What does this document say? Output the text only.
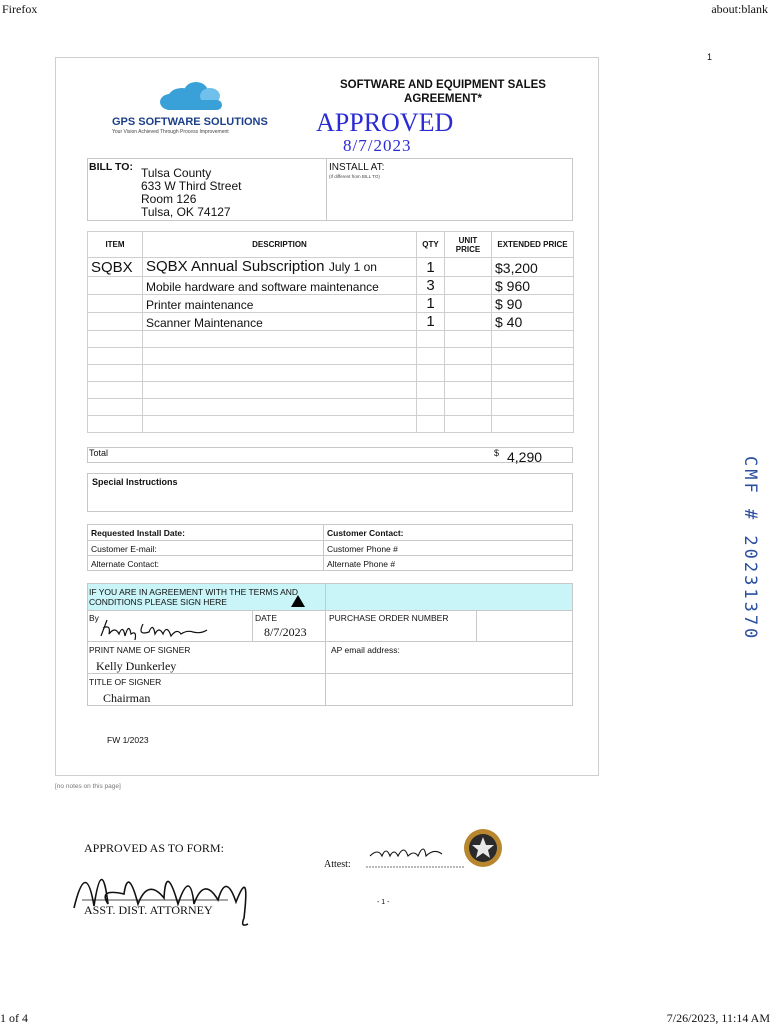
Firefox	about:blank
1
GPS SOFTWARE SOLUTIONS
Your Vision Achieved Through Process Improvement
SOFTWARE AND EQUIPMENT SALES
AGREEMENT*
APPROVED
8/7/2023
BILL TO: Tulsa County
633 W Third Street
Room 126
Tulsa, OK 74127
INSTALL AT:
(If different from BILL TO)
ITEM	DESCRIPTION	QTY	UNIT PRICE	EXTENDED PRICE
SQBX	SQBX Annual Subscription July 1 on	1		$3,200
	Mobile hardware and software maintenance	3		$ 960
	Printer maintenance	1		$ 90
	Scanner Maintenance	1		$ 40

Total	$ 4,290
Special Instructions
Requested Install Date:	Customer Contact:
Customer E-mail:	Customer Phone #
Alternate Contact:	Alternate Phone #
IF YOU ARE IN AGREEMENT WITH THE TERMS AND CONDITIONS PLEASE SIGN HERE
By	DATE
8/7/2023
PURCHASE ORDER NUMBER
PRINT NAME OF SIGNER
Kelly Dunkerley
AP email address:
TITLE OF SIGNER
Chairman
FW 1/2023
[no notes on this page]
CMF # 20231370
APPROVED AS TO FORM:
ASST. DIST. ATTORNEY
Attest:
- 1 -
1 of 4	7/26/2023, 11:14 AM
